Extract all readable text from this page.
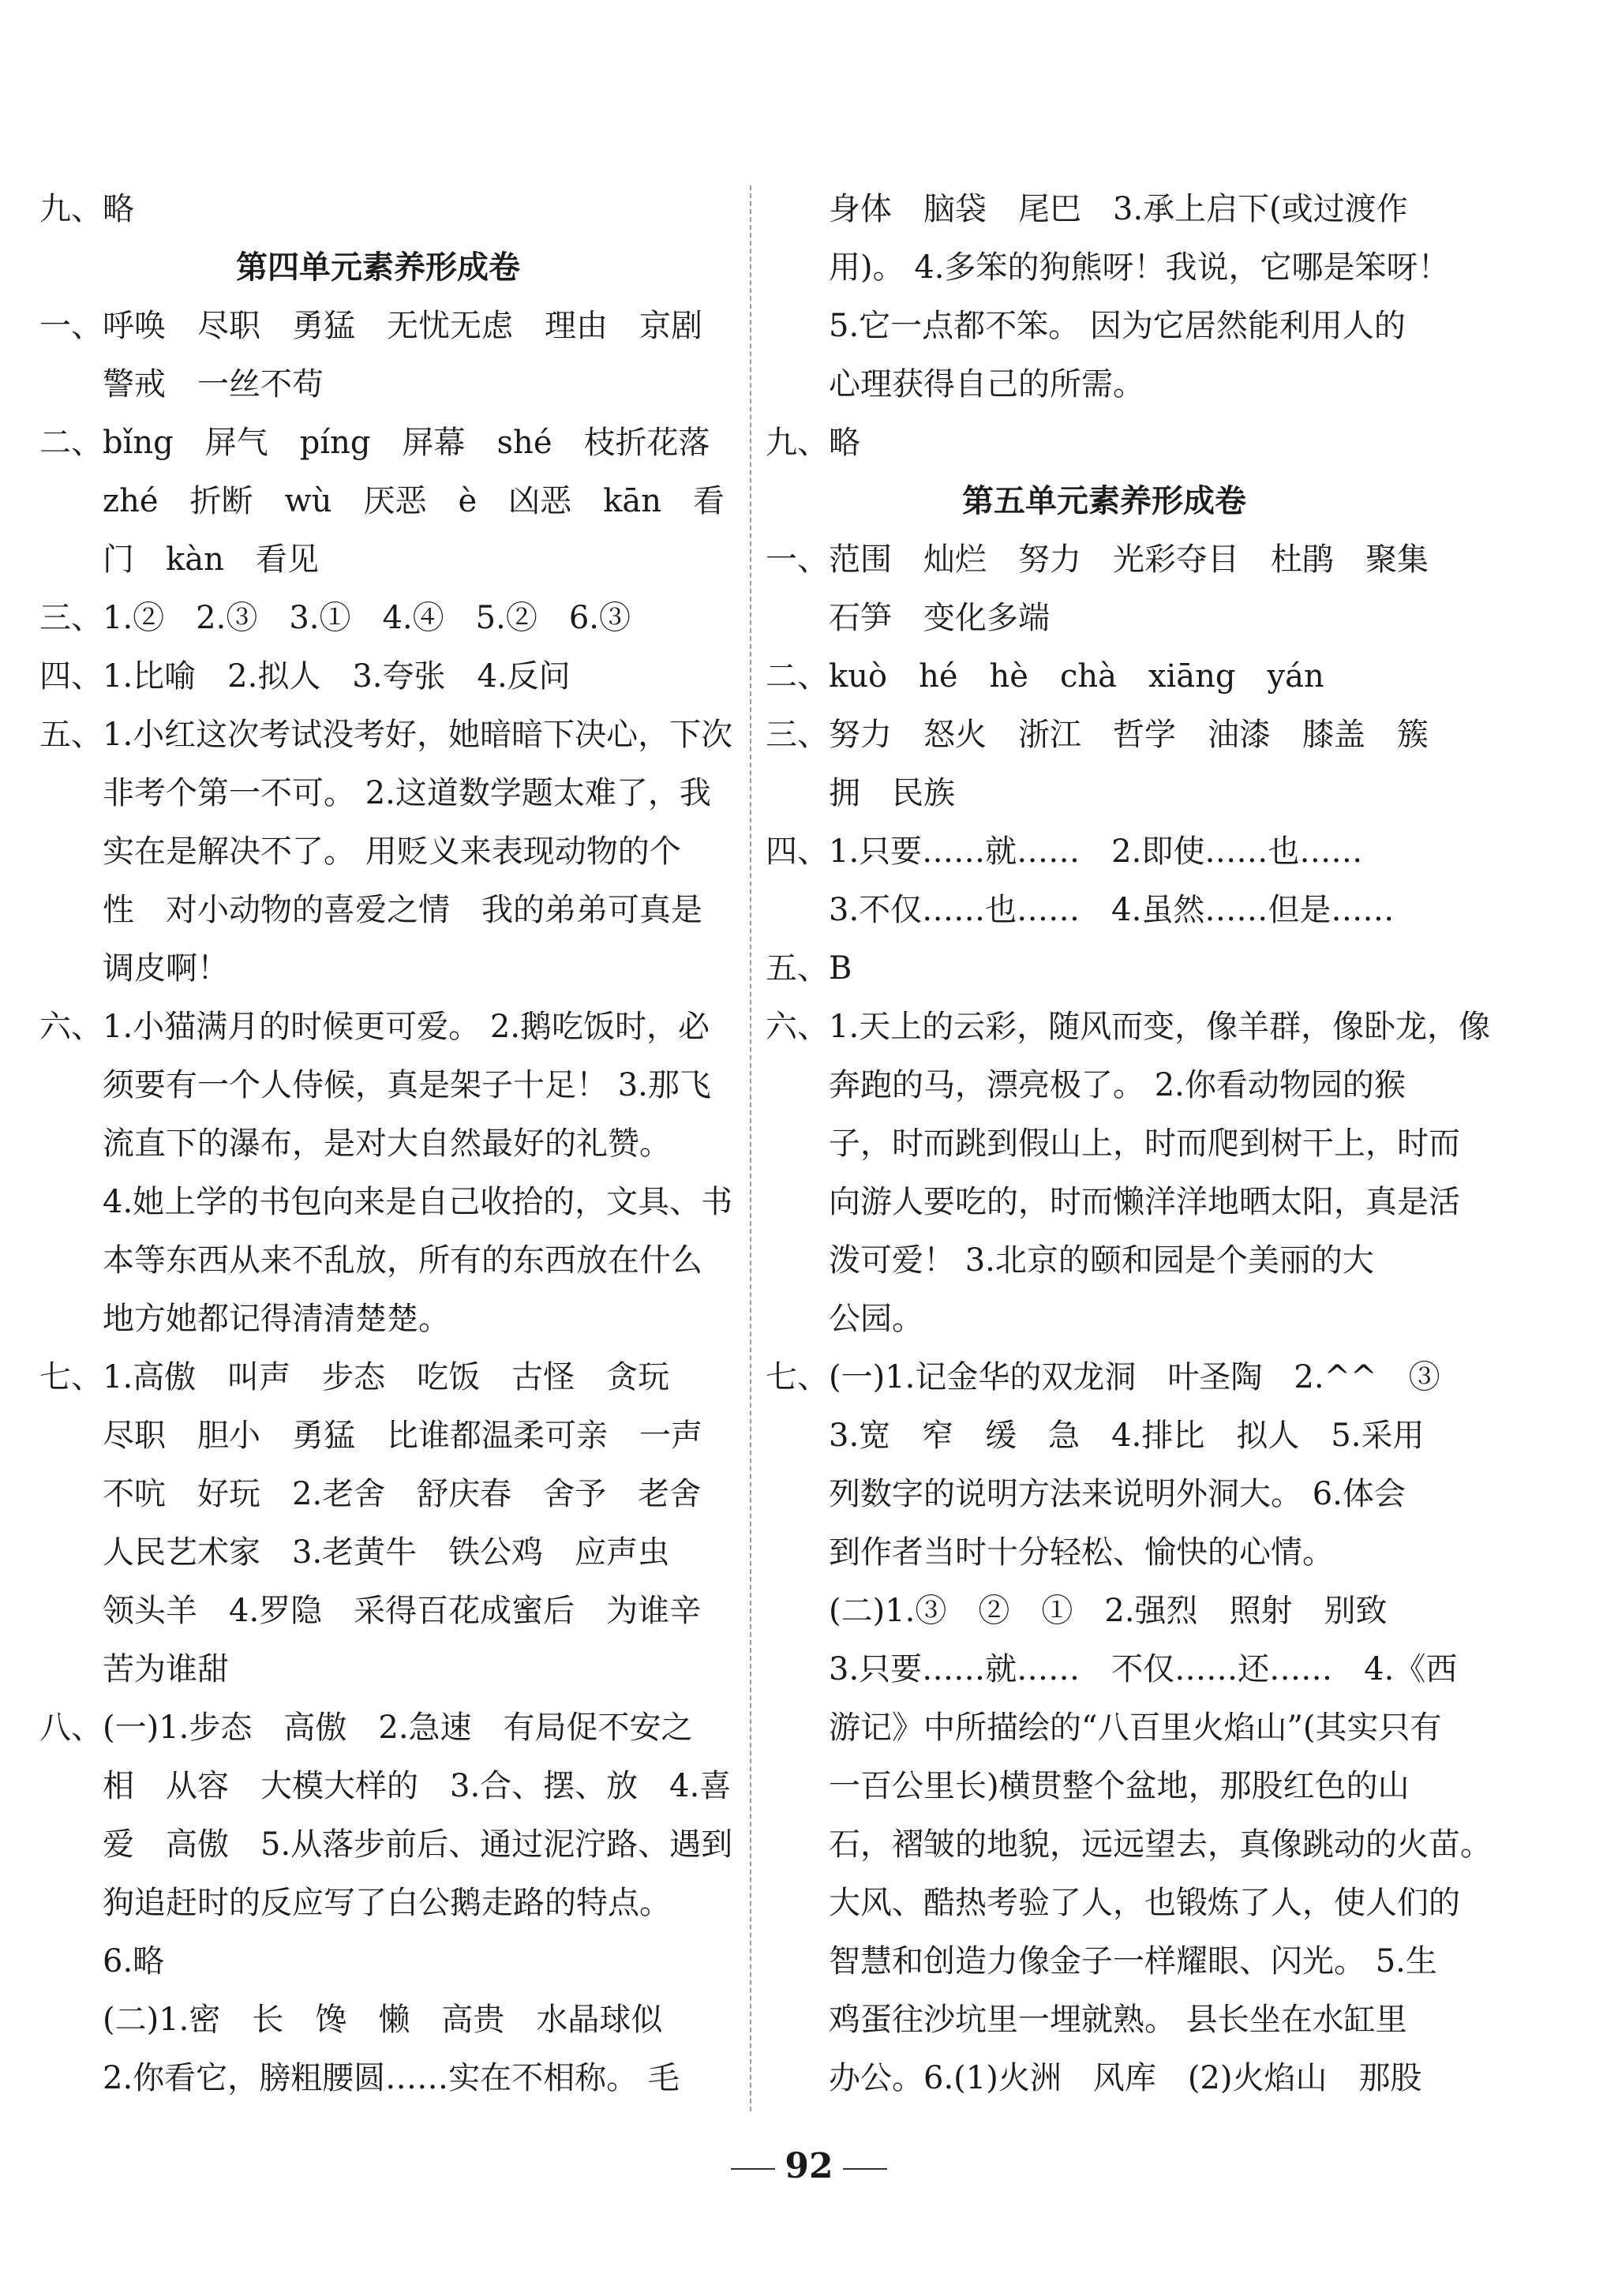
九、略
第四单元素养形成卷
一、呼唤　尽职　勇猛　无忧无虑　理由　京剧
　　警戒　一丝不苟
二、bǐng　屏气　píng　屏幕　shé　枝折花落
　　zhé　折断　wù　厌恶　è　凶恶　kān　看
　　门　kàn　看见
三、1.②　2.③　3.①　4.④　5.②　6.③
四、1.比喻　2.拟人　3.夸张　4.反问
五、1.小红这次考试没考好，她暗暗下决心，下次
　　非考个第一不可。 2.这道数学题太难了，我
　　实在是解决不了。 用贬义来表现动物的个
　　性　对小动物的喜爱之情　我的弟弟可真是
　　调皮啊！
六、1.小猫满月的时候更可爱。 2.鹅吃饭时，必
　　须要有一个人侍候，真是架子十足！ 3.那飞
　　流直下的瀑布，是对大自然最好的礼赞。
　　4.她上学的书包向来是自己收拾的，文具、书
　　本等东西从来不乱放，所有的东西放在什么
　　地方她都记得清清楚楚。
七、1.高傲　叫声　步态　吃饭　古怪　贪玩
　　尽职　胆小　勇猛　比谁都温柔可亲　一声
　　不吭　好玩　2.老舍　舒庆春　舍予　老舍
　　人民艺术家　3.老黄牛　铁公鸡　应声虫
　　领头羊　4.罗隐　采得百花成蜜后　为谁辛
　　苦为谁甜
八、(一)1.步态　高傲　2.急速　有局促不安之
　　相　从容　大模大样的　3.合、摆、放　4.喜
　　爱　高傲　5.从落步前后、通过泥泞路、遇到
　　狗追赶时的反应写了白公鹅走路的特点。
　　6.略
　　(二)1.密　长　馋　懒　高贵　水晶球似
　　2.你看它，膀粗腰圆……实在不相称。 毛
　　身体　脑袋　尾巴　3.承上启下(或过渡作
　　用)。 4.多笨的狗熊呀！我说，它哪是笨呀！
　　5.它一点都不笨。 因为它居然能利用人的
　　心理获得自己的所需。
九、略
第五单元素养形成卷
一、范围　灿烂　努力　光彩夺目　杜鹃　聚集
　　石笋　变化多端
二、kuò　hé　hè　chà　xiāng　yán
三、努力　怒火　浙江　哲学　油漆　膝盖　簇
　　拥　民族
四、1.只要……就……　2.即使……也……
　　3.不仅……也……　4.虽然……但是……
五、B
六、1.天上的云彩，随风而变，像羊群，像卧龙，像
　　奔跑的马，漂亮极了。 2.你看动物园的猴
　　子，时而跳到假山上，时而爬到树干上，时而
　　向游人要吃的，时而懒洋洋地晒太阳，真是活
　　泼可爱！ 3.北京的颐和园是个美丽的大
　　公园。
七、(一)1.记金华的双龙洞　叶圣陶　2.^^　③
　　3.宽　窄　缓　急　4.排比　拟人　5.采用
　　列数字的说明方法来说明外洞大。 6.体会
　　到作者当时十分轻松、愉快的心情。
　　(二)1.③　②　①　2.强烈　照射　别致
　　3.只要……就……　不仅……还……　4.《西
　　游记》中所描绘的“八百里火焰山”(其实只有
　　一百公里长)横贯整个盆地，那股红色的山
　　石，褶皱的地貌，远远望去，真像跳动的火苗。
　　大风、酷热考验了人，也锻炼了人，使人们的
　　智慧和创造力像金子一样耀眼、闪光。 5.生
　　鸡蛋往沙坑里一埋就熟。 县长坐在水缸里
　　办公。6.(1)火洲　风库　(2)火焰山　那股
92
